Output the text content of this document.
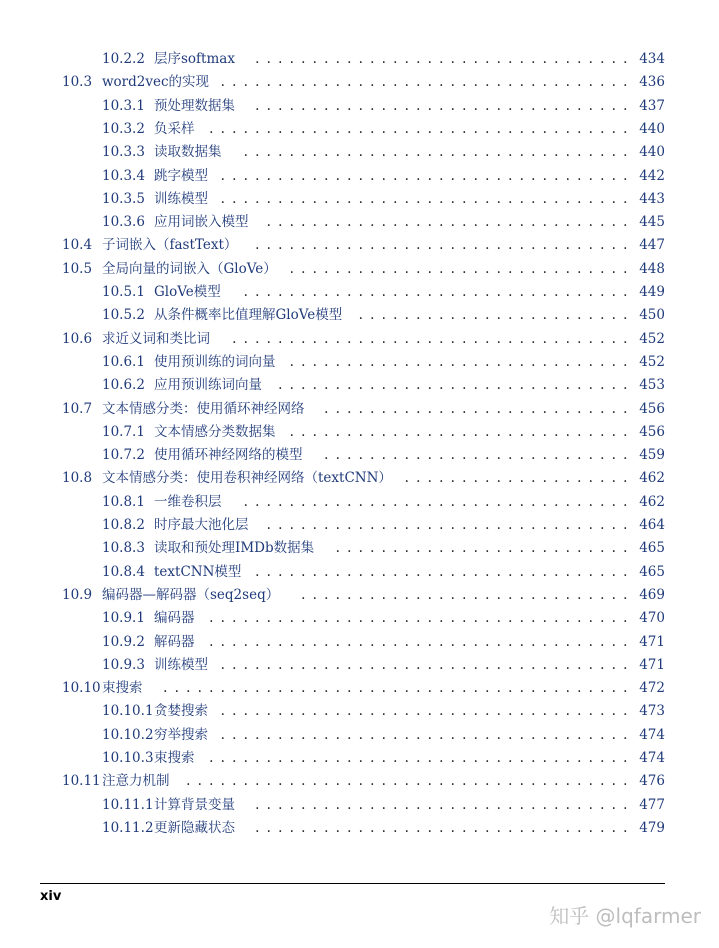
10.2.2 层序softmax	. . . . . . . . . . . . . . . . . . . . . . . . . . . . . . . . . 434
10.3 word2vec的实现 . . . . . . . . . . . . . . . . . . . . . . . . . . . . . . . . . . . . 436
10.3.1 预处理数据集	. . . . . . . . . . . . . . . . . . . . . . . . . . . . . . . . . 437
10.3.2 负采样	. . . . . . . . . . . . . . . . . . . . . . . . . . . . . . . . . . . . . 440
10.3.3 读取数据集	. . . . . . . . . . . . . . . . . . . . . . . . . . . . . . . . . . 440
10.3.4 跳字模型 . . . . . . . . . . . . . . . . . . . . . . . . . . . . . . . . . . . . 442
10.3.5 训练模型 . . . . . . . . . . . . . . . . . . . . . . . . . . . . . . . . . . . . 443
10.3.6 应用词嵌入模型	. . . . . . . . . . . . . . . . . . . . . . . . . . . . . . . . 445
10.4 子词嵌入（fastText）	. . . . . . . . . . . . . . . . . . . . . . . . . . . . . . . . . 447
10.5 全局向量的词嵌入（GloVe） . . . . . . . . . . . . . . . . . . . . . . . . . . . . . . 448
10.5.1 GloVe模型	. . . . . . . . . . . . . . . . . . . . . . . . . . . . . . . . . . 449
10.5.2 从条件概率比值理解GloVe模型	. . . . . . . . . . . . . . . . . . . . . . . . 450
10.6 求近义词和类比词	. . . . . . . . . . . . . . . . . . . . . . . . . . . . . . . . . . . 452
10.6.1 使用预训练的词向量	. . . . . . . . . . . . . . . . . . . . . . . . . . . . . . 452
10.6.2 应用预训练词向量	. . . . . . . . . . . . . . . . . . . . . . . . . . . . . . . 453
10.7 文本情感分类：使用循环神经网络	. . . . . . . . . . . . . . . . . . . . . . . . . . . 456
10.7.1 文本情感分类数据集	. . . . . . . . . . . . . . . . . . . . . . . . . . . . . . 456
10.7.2 使用循环神经网络的模型	. . . . . . . . . . . . . . . . . . . . . . . . . . . 459
10.8 文本情感分类：使用卷积神经网络（textCNN） . . . . . . . . . . . . . . . . . . . . 462
10.8.1 一维卷积层	. . . . . . . . . . . . . . . . . . . . . . . . . . . . . . . . . . 462
10.8.2 时序最大池化层	. . . . . . . . . . . . . . . . . . . . . . . . . . . . . . . . 464
10.8.3 读取和预处理IMDb数据集	. . . . . . . . . . . . . . . . . . . . . . . . . . 465
10.8.4 textCNN模型	. . . . . . . . . . . . . . . . . . . . . . . . . . . . . . . . . 465
10.9 编码器—解码器（seq2seq）	. . . . . . . . . . . . . . . . . . . . . . . . . . . . . 469
10.9.1 编码器	. . . . . . . . . . . . . . . . . . . . . . . . . . . . . . . . . . . . . 470
10.9.2 解码器	. . . . . . . . . . . . . . . . . . . . . . . . . . . . . . . . . . . . . 471
10.9.3 训练模型 . . . . . . . . . . . . . . . . . . . . . . . . . . . . . . . . . . . . 471
10.10 束搜索	. . . . . . . . . . . . . . . . . . . . . . . . . . . . . . . . . . . . . . . . . 472
10.10.1 贪婪搜索 . . . . . . . . . . . . . . . . . . . . . . . . . . . . . . . . . . . . 473
10.10.2 穷举搜索 . . . . . . . . . . . . . . . . . . . . . . . . . . . . . . . . . . . . 474
10.10.3 束搜索	. . . . . . . . . . . . . . . . . . . . . . . . . . . . . . . . . . . . . 474
10.11 注意力机制	. . . . . . . . . . . . . . . . . . . . . . . . . . . . . . . . . . . . . . . 476
10.11.1 计算背景变量	. . . . . . . . . . . . . . . . . . . . . . . . . . . . . . . . . 477
10.11.2 更新隐藏状态	. . . . . . . . . . . . . . . . . . . . . . . . . . . . . . . . . 479
xiv
知乎 @lqfarmer
